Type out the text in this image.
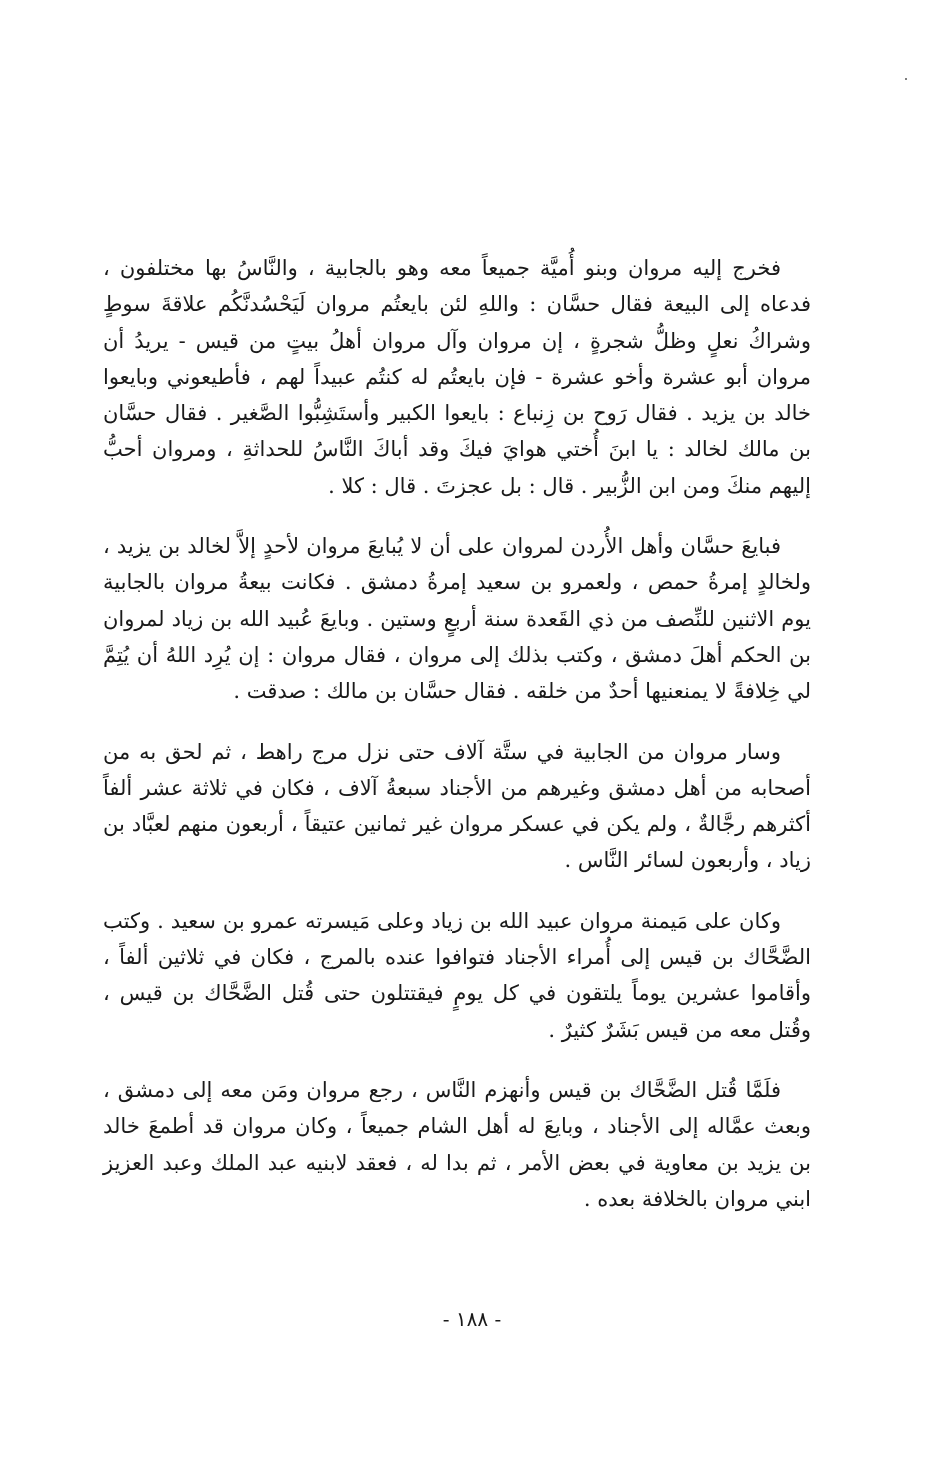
فخرج إليه مروان وبنو أُميَّة جميعاً معه وهو بالجابية ، والنَّاسُ بها مختلفون ، فدعاه إلى البيعة فقال حسَّان : واللهِ لئن بايعتُم مروان لَيَحْسُدنَّكُم علاقةَ سوطٍ وشراكُ نعلٍ وظلُّ شجرةٍ ، إن مروان وآل مروان أهلُ بيتٍ من قيس - يريدُ أن مروان أبو عشرة وأخو عشرة - فإن بايعتُم له كنتُم عبيداً لهم ، فأطيعوني وبايعوا خالد بن يزيد . فقال رَوح بن زِنباع : بايعوا الكبير وأستَشِبُّوا الصَّغير . فقال حسَّان بن مالك لخالد : يا ابنَ أُختي هوايَ فيكَ وقد أباكَ النَّاسُ للحداثةِ ، ومروان أحبُّ إليهم منكَ ومن ابن الزُّبير . قال : بل عجزتَ . قال : كلا .

فبايعَ حسَّان وأهل الأُردن لمروان على أن لا يُبايعَ مروان لأحدٍ إلاَّ لخالد بن يزيد ، ولخالدٍ إمرةُ حمص ، ولعمرو بن سعيد إمرةُ دمشق . فكانت بيعةُ مروان بالجابية يوم الاثنين للنِّصف من ذي القَعدة سنة أربعٍ وستين . وبايعَ عُبيد الله بن زياد لمروان بن الحكم أهلَ دمشق ، وكتب بذلك إلى مروان ، فقال مروان : إن يُرِد اللهُ أن يُتِمَّ لي خِلافةً لا يمنعنيها أحدٌ من خلقه . فقال حسَّان بن مالك : صدقت .

وسار مروان من الجابية في ستَّة آلاف حتى نزل مرج راهط ، ثم لحق به من أصحابه من أهل دمشق وغيرهم من الأجناد سبعةُ آلاف ، فكان في ثلاثة عشر ألفاً أكثرهم رجَّالةٌ ، ولم يكن في عسكر مروان غير ثمانين عتيقاً ، أربعون منهم لعبَّاد بن زياد ، وأربعون لسائر النَّاس .

وكان على مَيمنة مروان عبيد الله بن زياد وعلى مَيسرته عمرو بن سعيد . وكتب الضَّحَّاك بن قيس إلى أُمراء الأجناد فتوافوا عنده بالمرج ، فكان في ثلاثين ألفاً ، وأقاموا عشرين يوماً يلتقون في كل يومٍ فيقتتلون حتى قُتل الضَّحَّاك بن قيس ، وقُتل معه من قيس بَشَرٌ كثيرٌ .

فلَمَّا قُتل الضَّحَّاك بن قيس وأنهزم النَّاس ، رجع مروان ومَن معه إلى دمشق ، وبعث عمَّاله إلى الأجناد ، وبايعَ له أهل الشام جميعاً ، وكان مروان قد أطمعَ خالد بن يزيد بن معاوية في بعض الأمر ، ثم بدا له ، فعقد لابنيه عبد الملك وعبد العزيز ابني مروان بالخلافة بعده .

- ١٨٨ -
